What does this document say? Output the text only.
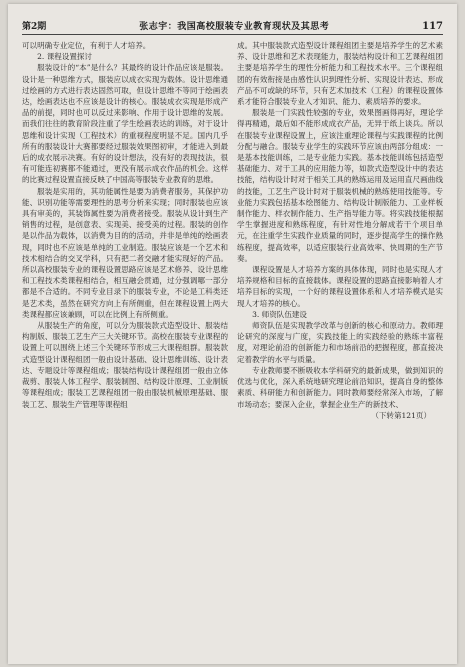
第2期	张志宇：我国高校服装专业教育现状及其思考	117

可以明确专业定位，有利于人才培养。

2. 课程设置探讨

服装设计的“本”是什么？其最终的设计作品应该是服装。设计是一种思维方式，服装应以成衣实现为载体。设计思维通过绘画的方式进行表达固然可取，但设计思维不等同于绘画表达，绘画表达也不应该是设计的核心。服装成衣实现是形成产品的前提，同时也可以反过来影响、作用于设计思维的发展。而我们往往的教育阶段注重了学生绘画表达的训练，对于设计思维和设计实现（工程技术）的重视程度明显不足。国内几乎所有的服装设计大赛都要经过服装效果图初审，才能进入到最后的成衣展示决赛。有好的设计想法，没有好的表现技法，很有可能连初赛都不能通过，更没有展示成衣作品的机会。这样的比赛过程设置直接反映了中国高等服装专业教育的思维。

服装是实用的，其功能属性是要为消费者服务，其保护功能、识别功能等需要理性的思考分析来实现；同时服装也应该具有审美的，其装饰属性要为消费者接受。服装从设计到生产销售的过程，是创意表、实现美、接受美的过程。服装的创作是以作品为载体，以消费为目的的活动，并非是单纯的绘画表现，同时也不应该是单纯的工业制造。服装应该是一个艺术和技术相结合的交叉学科，只有把二者交融才能实现好的产品。所以高校服装专业的课程设置思路应该是艺术修养、设计思维和工程技术类课程相结合，相互融会贯通，过分强调哪一部分都是不合适的。不同专业目录下的服装专业，不论是工科类还是艺术类，虽然在研究方向上有所侧重，但在课程设置上两大类课程都应该兼顾，可以在比例上有所侧重。

从服装生产的角度，可以分为服装款式造型设计、服装结构制版、服装工艺生产三大关键环节。高校在服装专业课程的设置上可以围绕上述三个关键环节形成三大课程组群。服装款式造型设计课程组团一般由设计基础、设计思维训练、设计表达、专题设计等课程组成；服装结构设计课程组团一般由立体裁剪、服装人体工程学、服装制图、结构设计原理、工业制版等课程组成；服装工艺课程组团一般由服装机械原理基础、服装工艺、服装生产管理等课程组

成。其中服装款式造型设计课程组团主要是培养学生的艺术素养、设计思维和艺术表现能力，服装结构设计和工艺课程组团主要是培养学生的理性分析能力和工程技术水平。三个课程组团的有效衔接是由感性认识到理性分析、实现设计表达、形成产品不可或缺的环节，只有艺术加技术（工程）的课程设置体系才能符合服装专业人才知识、能力、素质培养的要求。

服装是一门实践性较强的专业，效果图画得再好，理论学得再精通，最后如不能形成成衣产品，无异于纸上谈兵。所以在服装专业课程设置上，应该注重理论课程与实践课程的比例分配与融合。服装专业学生的实践环节应该由两部分组成：一是基本技能训练，二是专业能力实践。基本技能训练包括造型基础能力、对于工具的应用能力等，如款式造型设计中的表达技能，结构设计时对于相关工具的熟练运用及运用直尺画曲线的技能，工艺生产设计时对于服装机械的熟练使用技能等。专业能力实践包括基本绘图能力、结构设计制版能力、工业样板制作能力、样衣制作能力、生产指导能力等。将实践技能根据学生掌握进度和熟练程度，有针对性地分解成若干个项目单元，在注重学生实践作业质量的同时，逐步提高学生的操作熟练程度，提高效率，以适应服装行业高效率、快周期的生产节奏。

课程设置是人才培养方案的具体体现，同时也是实现人才培养规格和目标的直接载体。课程设置的思路直接影响着人才培养目标的实现，一个好的课程设置体系和人才培养模式是实现人才培养的核心。

3. 师资队伍建设

师资队伍是实现教学改革与创新的核心和原动力。教师理论研究的深度与广度，实践技能上的实践经验的熟练丰富程度，对理论前沿的创新能力和市场前沿的把握程度，都直接决定着教学的水平与质量。

专业教师要不断吸收本学科研究的最新成果，做到知识的优选与优化，深入系统地研究理论前沿知识，提高自身的整体素质、科研能力和创新能力。同时教师要经常深入市场，了解市场动态；要深入企业，掌握企业生产的新技术、

（下转第121页）
